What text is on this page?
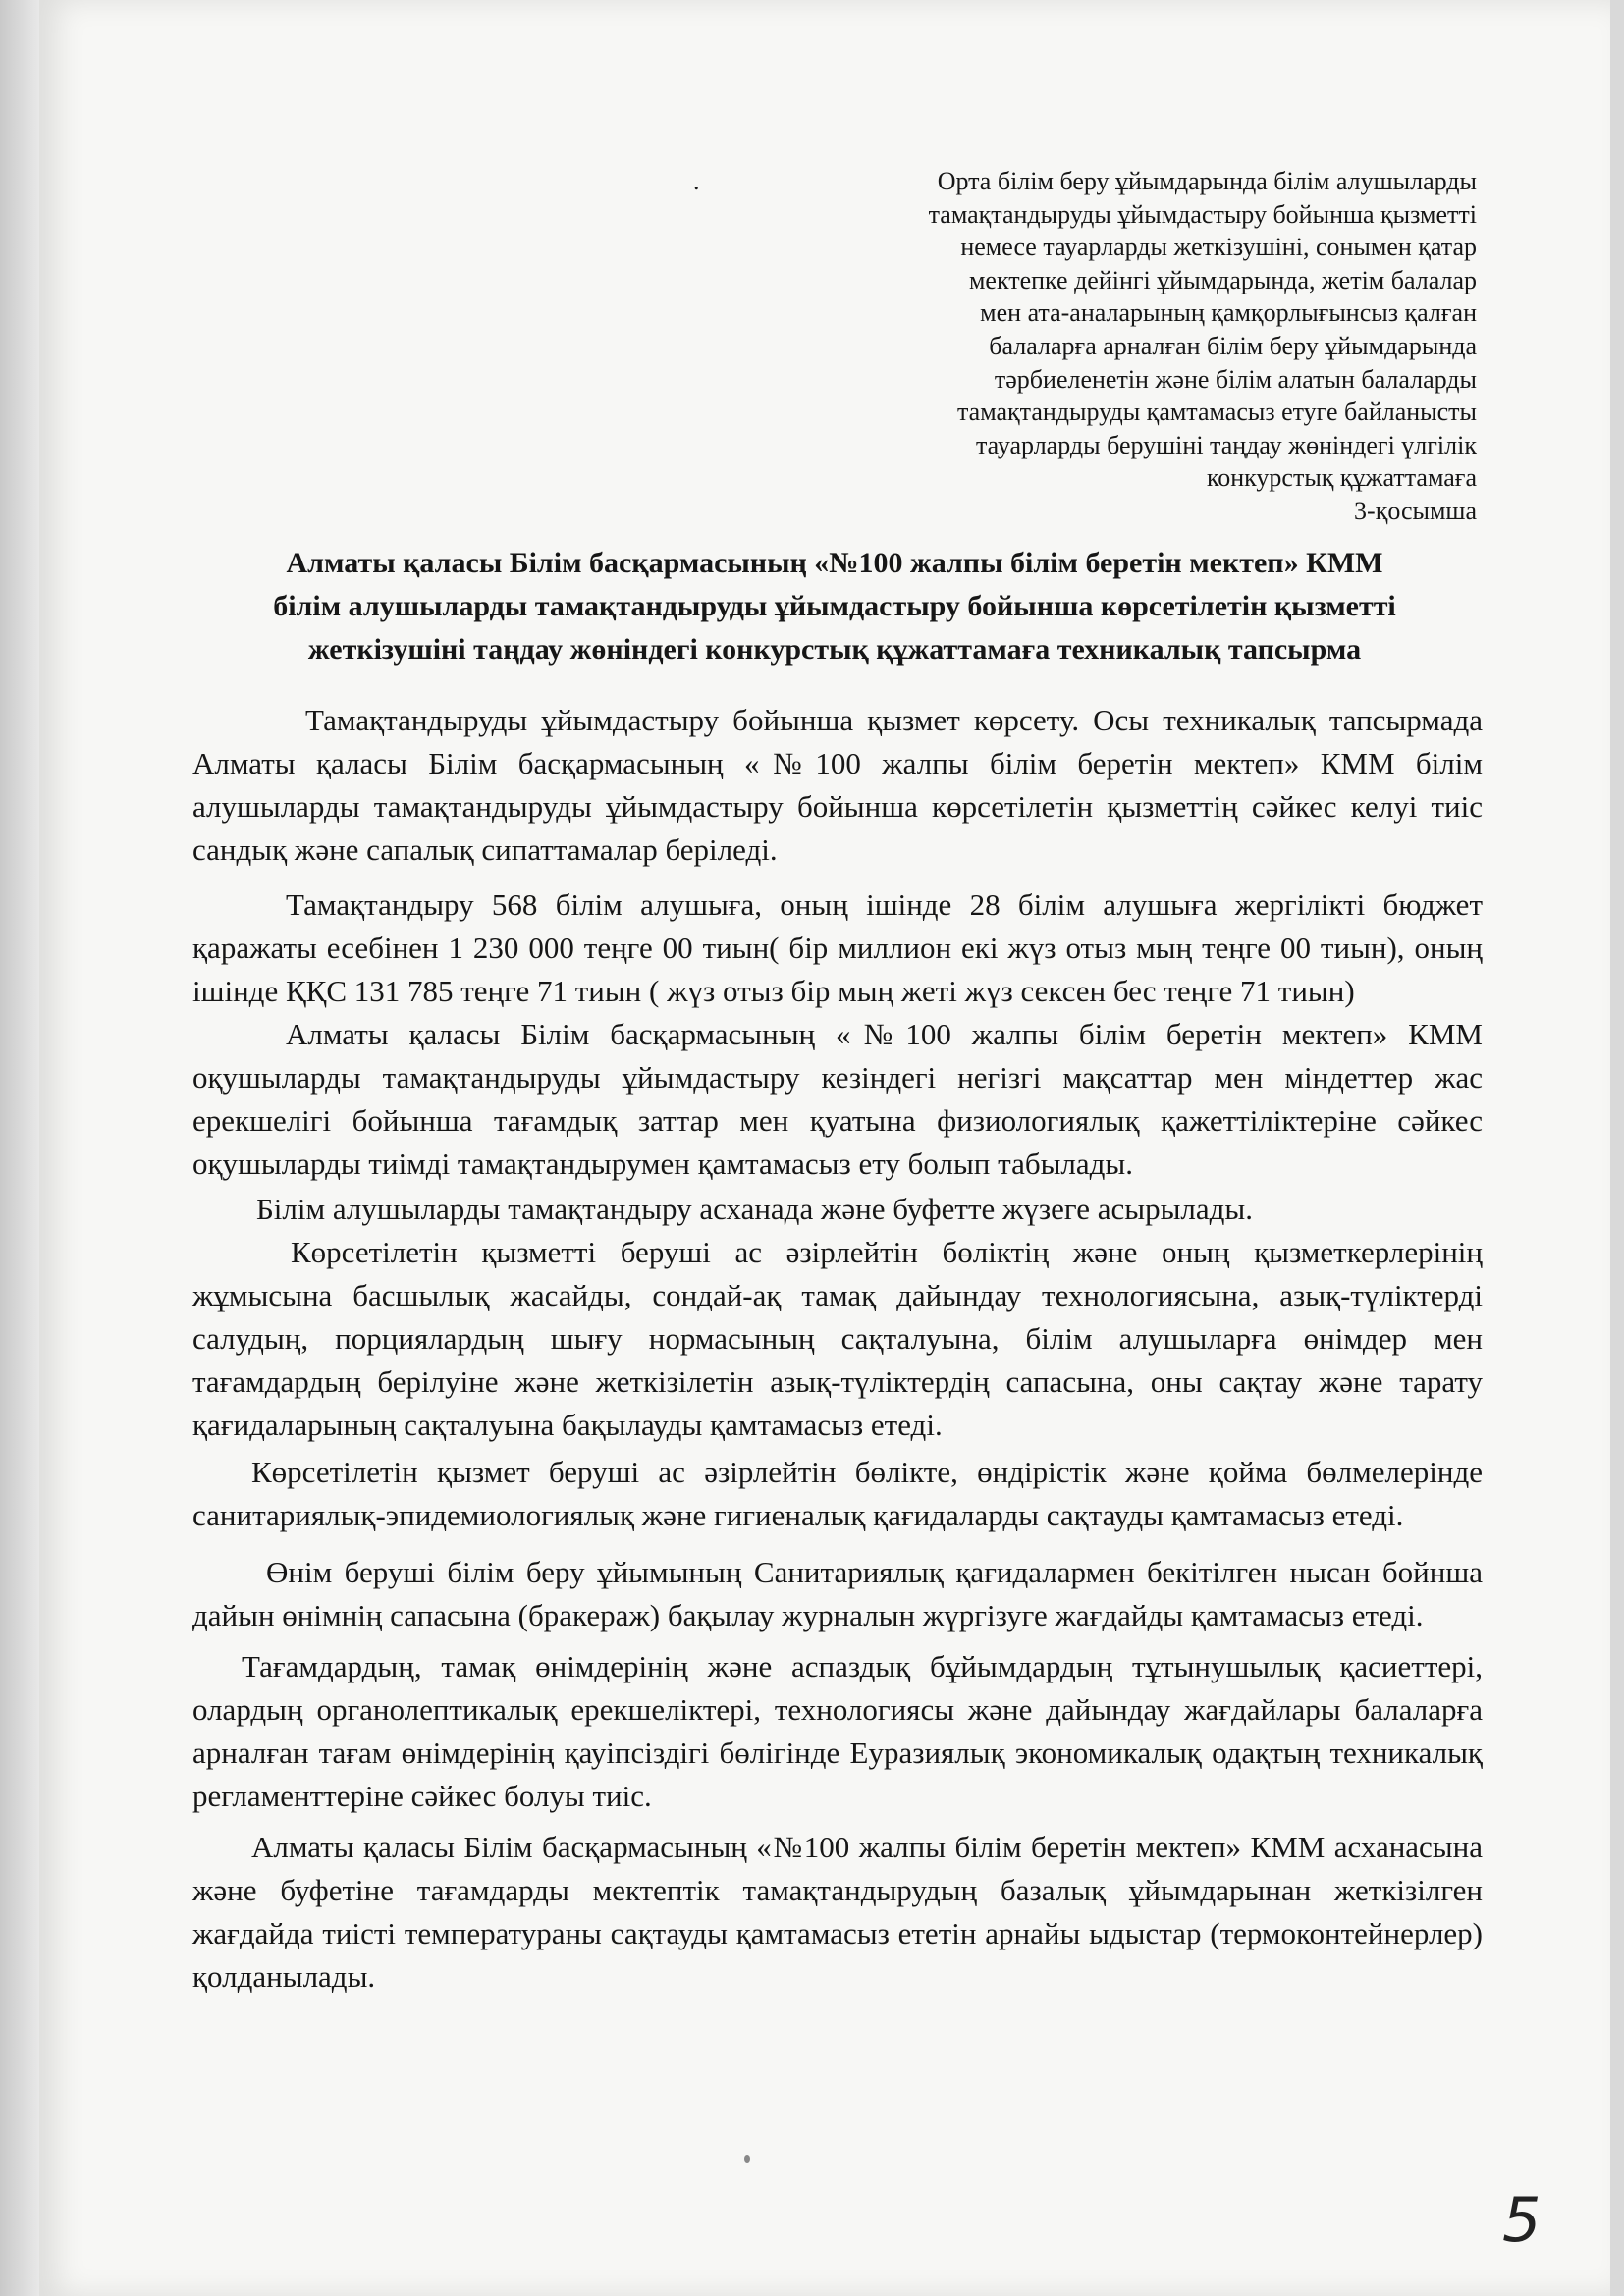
.	Орта білім беру ұйымдарында білім алушыларды
тамақтандыруды ұйымдастыру бойынша қызметті
немесе тауарларды жеткізушіні, сонымен қатар
мектепке дейінгі ұйымдарында, жетім балалар
мен ата-аналарының қамқорлығынсыз қалған
балаларға арналған білім беру ұйымдарында
тәрбиеленетін және білім алатын балаларды
тамақтандыруды қамтамасыз етуге байланысты
тауарларды берушіні таңдау жөніндегі үлгілік
конкурстық құжаттамаға
3-қосымша
Алматы қаласы Білім басқармасының «№100 жалпы білім беретін мектеп» КММ
білім алушыларды тамақтандыруды ұйымдастыру бойынша көрсетілетін қызметті
жеткізушіні таңдау жөніндегі конкурстық құжаттамаға техникалық тапсырма

Тамақтандыруды ұйымдастыру бойынша қызмет көрсету. Осы техникалық тапсырмада Алматы қаласы Білім басқармасының «№100 жалпы білім беретін мектеп» КММ білім алушыларды тамақтандыруды ұйымдастыру бойынша көрсетілетін қызметтің сәйкес келуі тиіс сандық және сапалық сипаттамалар беріледі.

Тамақтандыру 568 білім алушыға, оның ішінде 28 білім алушыға жергілікті бюджет қаражаты есебінен 1 230 000 теңге 00 тиын( бір миллион екі жүз отыз мың теңге 00 тиын), оның ішінде ҚҚС 131 785 теңге 71 тиын ( жүз отыз бір мың жеті жүз сексен бес теңге 71 тиын)

Алматы қаласы Білім басқармасының «№100 жалпы білім беретін мектеп» КММ оқушыларды тамақтандыруды ұйымдастыру кезіндегі негізгі мақсаттар мен міндеттер жас ерекшелігі бойынша тағамдық заттар мен қуатына физиологиялық қажеттіліктеріне сәйкес оқушыларды тиімді тамақтандырумен қамтамасыз ету болып табылады.

Білім алушыларды тамақтандыру асханада және буфетте жүзеге асырылады.

Көрсетілетін қызметті беруші ас әзірлейтін бөліктің және оның қызметкерлерінің жұмысына басшылық жасайды, сондай-ақ тамақ дайындау технологиясына, азық-түліктерді салудың, порциялардың шығу нормасының сақталуына, білім алушыларға өнімдер мен тағамдардың берілуіне және жеткізілетін азық-түліктердің сапасына, оны сақтау және тарату қағидаларының сақталуына бақылауды қамтамасыз етеді.

Көрсетілетін қызмет беруші ас әзірлейтін бөлікте, өндірістік және қойма бөлмелерінде санитариялық-эпидемиологиялық және гигиеналық қағидаларды сақтауды қамтамасыз етеді.

Өнім беруші білім беру ұйымының Санитариялық қағидалармен бекітілген нысан бойнша дайын өнімнің сапасына (бракераж) бақылау журналын жүргізуге жағдайды қамтамасыз етеді.

Тағамдардың, тамақ өнімдерінің және аспаздық бұйымдардың тұтынушылық қасиеттері, олардың органолептикалық ерекшеліктері, технологиясы және дайындау жағдайлары балаларға арналған тағам өнімдерінің қауіпсіздігі бөлігінде Еуразиялық экономикалық одақтың техникалық регламенттеріне сәйкес болуы тиіс.

Алматы қаласы Білім басқармасының «№100 жалпы білім беретін мектеп» КММ асханасына және буфетіне тағамдарды мектептік тамақтандырудың базалық ұйымдарынан жеткізілген жағдайда тиісті температураны сақтауды қамтамасыз ететін арнайы ыдыстар (термоконтейнерлер) қолданылады.

5
